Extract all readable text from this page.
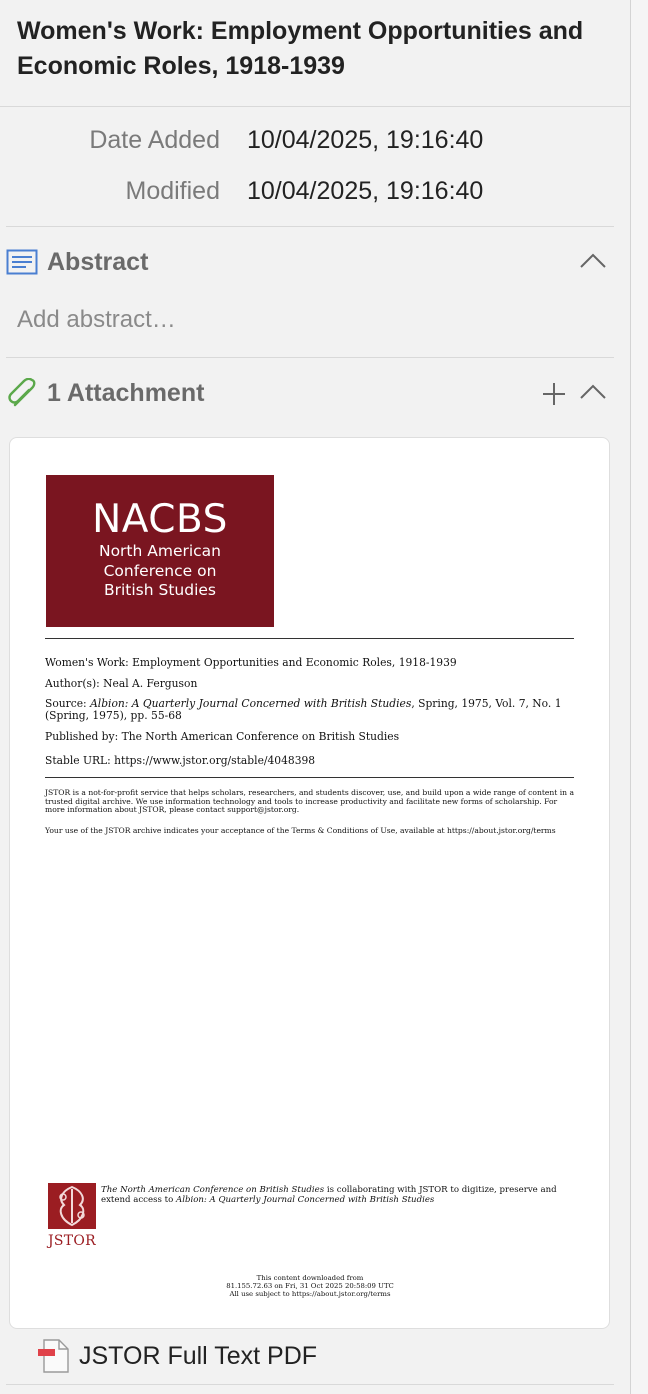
Women's Work: Employment Opportunities and Economic Roles, 1918-1939
Date Added 10/04/2025, 19:16:40
Modified 10/04/2025, 19:16:40
Abstract
Add abstract…
1 Attachment
NACBS
North American
Conference on
British Studies
Women's Work: Employment Opportunities and Economic Roles, 1918-1939
Author(s): Neal A. Ferguson
Source: Albion: A Quarterly Journal Concerned with British Studies, Spring, 1975, Vol. 7, No. 1 (Spring, 1975), pp. 55-68
Published by: The North American Conference on British Studies
Stable URL: https://www.jstor.org/stable/4048398
JSTOR is a not-for-profit service that helps scholars, researchers, and students discover, use, and build upon a wide range of content in a trusted digital archive. We use information technology and tools to increase productivity and facilitate new forms of scholarship. For more information about JSTOR, please contact support@jstor.org.
Your use of the JSTOR archive indicates your acceptance of the Terms & Conditions of Use, available at https://about.jstor.org/terms
JSTOR
The North American Conference on British Studies is collaborating with JSTOR to digitize, preserve and extend access to Albion: A Quarterly Journal Concerned with British Studies
This content downloaded from
81.155.72.63 on Fri, 31 Oct 2025 20:58:09 UTC
All use subject to https://about.jstor.org/terms
JSTOR Full Text PDF
